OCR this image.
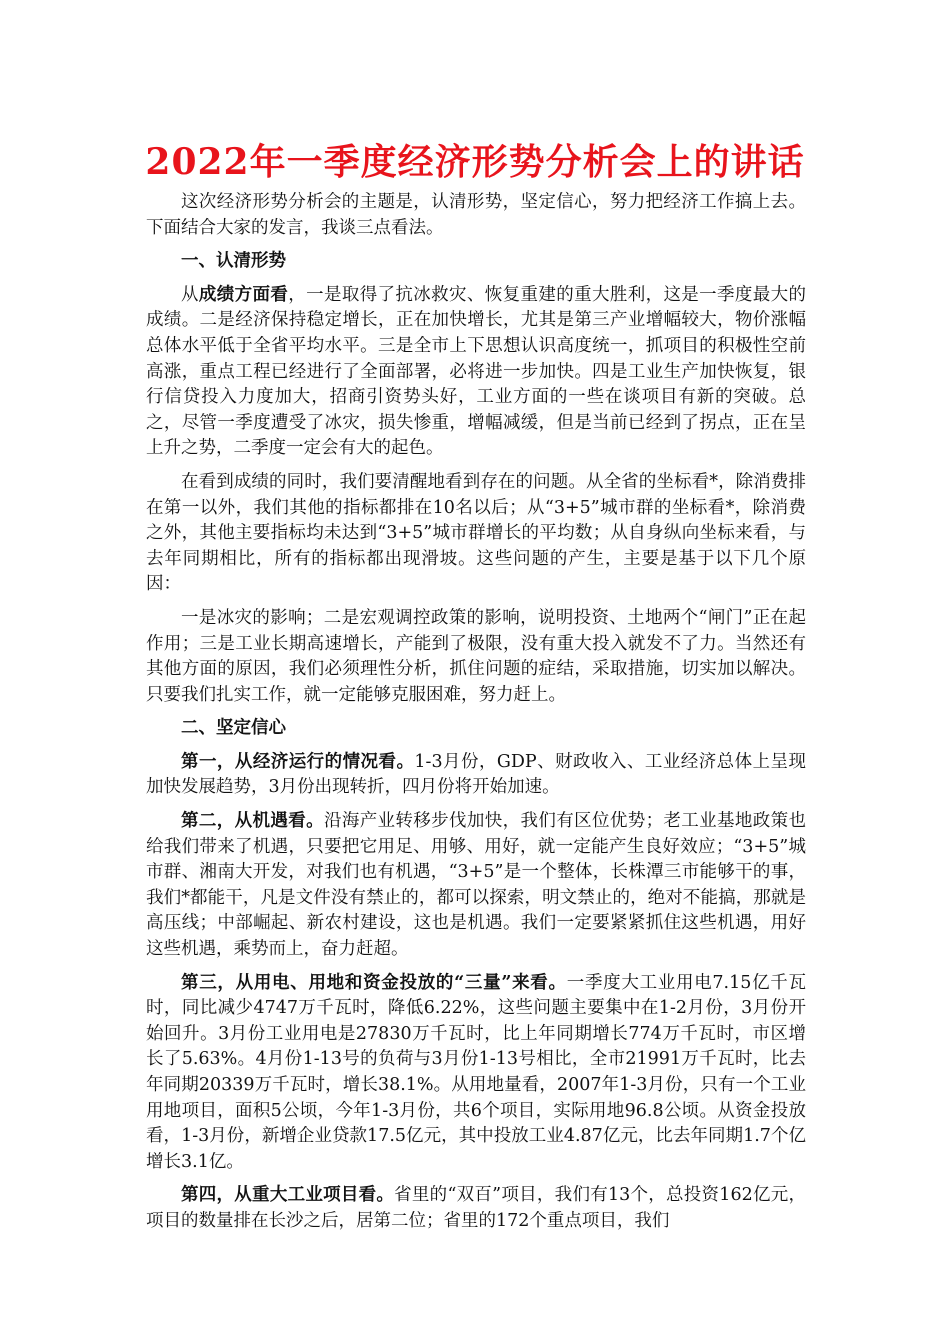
2022年一季度经济形势分析会上的讲话

这次经济形势分析会的主题是，认清形势，坚定信心，努力把经济工作搞上去。下面结合大家的发言，我谈三点看法。

一、认清形势

从成绩方面看，一是取得了抗冰救灾、恢复重建的重大胜利，这是一季度最大的成绩。二是经济保持稳定增长，正在加快增长，尤其是第三产业增幅较大，物价涨幅总体水平低于全省平均水平。三是全市上下思想认识高度统一，抓项目的积极性空前高涨，重点工程已经进行了全面部署，必将进一步加快。四是工业生产加快恢复，银行信贷投入力度加大，招商引资势头好，工业方面的一些在谈项目有新的突破。总之，尽管一季度遭受了冰灾，损失惨重，增幅减缓，但是当前已经到了拐点，正在呈上升之势，二季度一定会有大的起色。

在看到成绩的同时，我们要清醒地看到存在的问题。从全省的坐标看*，除消费排在第一以外，我们其他的指标都排在10名以后；从“3+5”城市群的坐标看*，除消费之外，其他主要指标均未达到“3+5”城市群增长的平均数；从自身纵向坐标来看，与去年同期相比，所有的指标都出现滑坡。这些问题的产生，主要是基于以下几个原因：

一是冰灾的影响；二是宏观调控政策的影响，说明投资、土地两个“闸门”正在起作用；三是工业长期高速增长，产能到了极限，没有重大投入就发不了力。当然还有其他方面的原因，我们必须理性分析，抓住问题的症结，采取措施，切实加以解决。只要我们扎实工作，就一定能够克服困难，努力赶上。

二、坚定信心

第一，从经济运行的情况看。1-3月份，GDP、财政收入、工业经济总体上呈现加快发展趋势，3月份出现转折，四月份将开始加速。

第二，从机遇看。沿海产业转移步伐加快，我们有区位优势；老工业基地政策也给我们带来了机遇，只要把它用足、用够、用好，就一定能产生良好效应；“3+5”城市群、湘南大开发，对我们也有机遇，“3+5”是一个整体，长株潭三市能够干的事，我们*都能干，凡是文件没有禁止的，都可以探索，明文禁止的，绝对不能搞，那就是高压线；中部崛起、新农村建设，这也是机遇。我们一定要紧紧抓住这些机遇，用好这些机遇，乘势而上，奋力赶超。

第三，从用电、用地和资金投放的“三量”来看。一季度大工业用电7.15亿千瓦时，同比减少4747万千瓦时，降低6.22%，这些问题主要集中在1-2月份，3月份开始回升。3月份工业用电是27830万千瓦时，比上年同期增长774万千瓦时，市区增长了5.63%。4月份1-13号的负荷与3月份1-13号相比，全市21991万千瓦时，比去年同期20339万千瓦时，增长38.1%。从用地量看，2007年1-3月份，只有一个工业用地项目，面积5公顷，今年1-3月份，共6个项目，实际用地96.8公顷。从资金投放看，1-3月份，新增企业贷款17.5亿元，其中投放工业4.87亿元，比去年同期1.7个亿增长3.1亿。

第四，从重大工业项目看。省里的“双百”项目，我们有13个，总投资162亿元，项目的数量排在长沙之后，居第二位；省里的172个重点项目，我们
